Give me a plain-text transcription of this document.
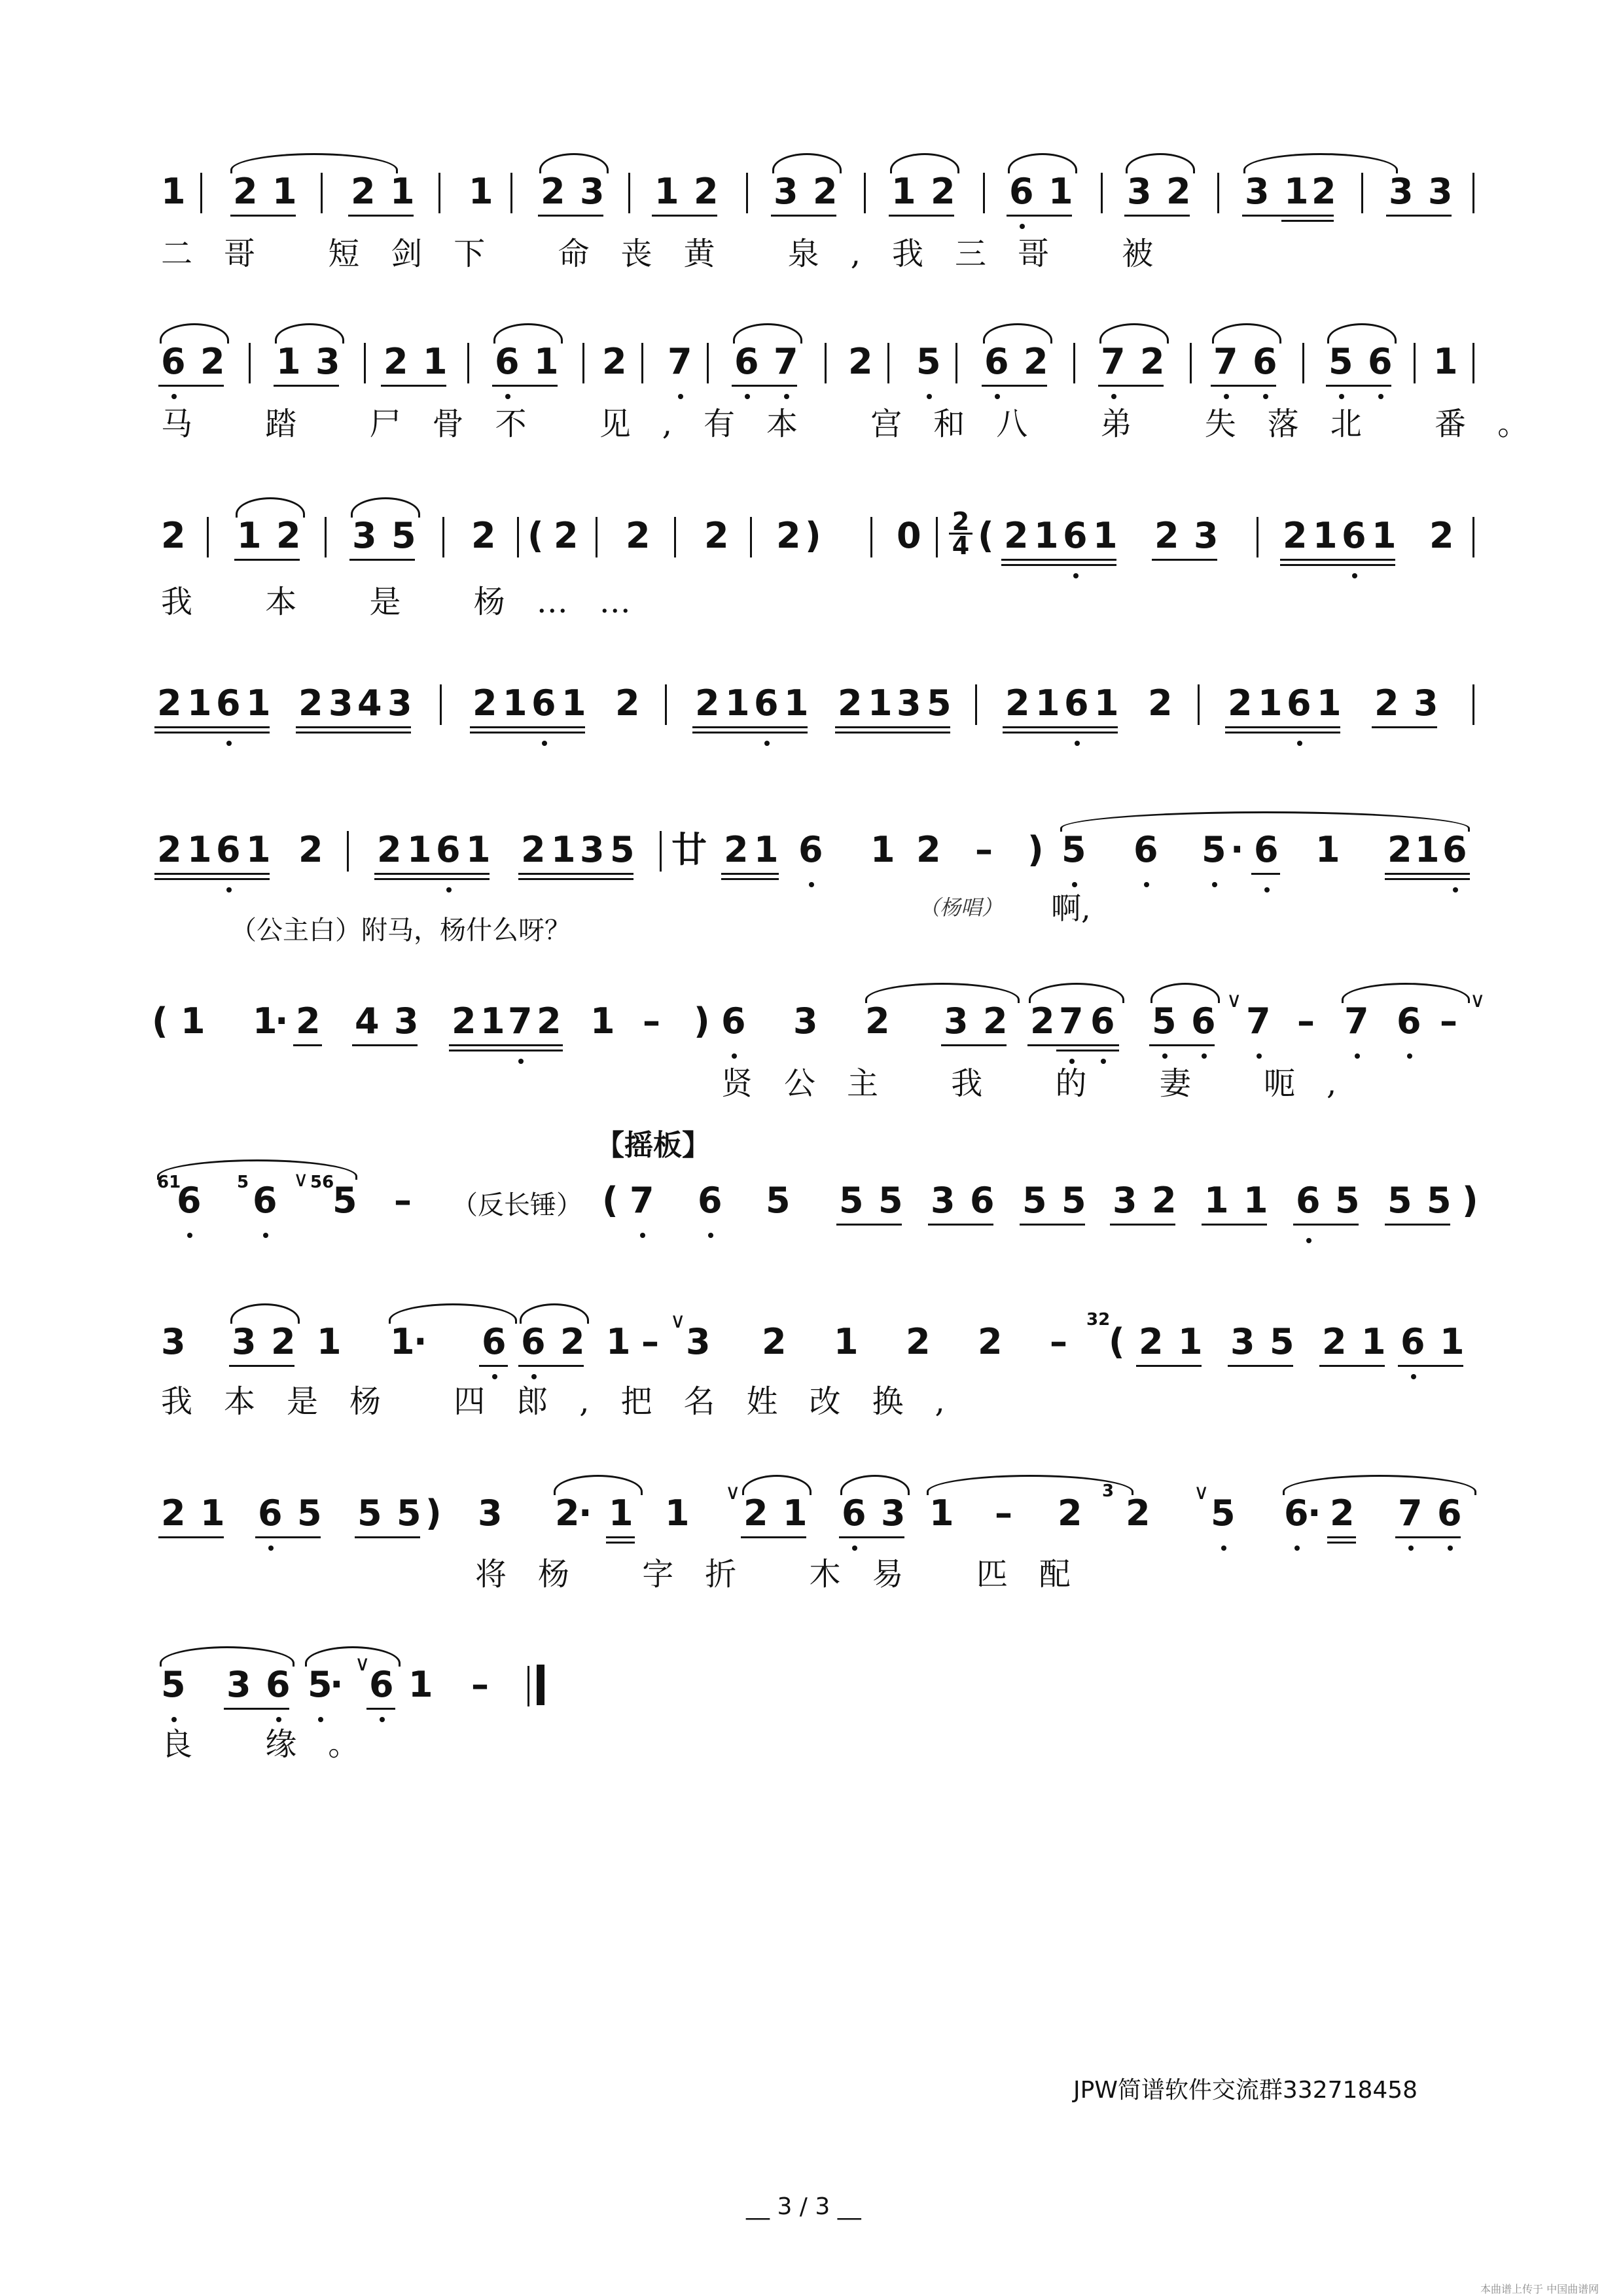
1 2 1 2 1 1 2 3 1 2 3 2 1 2 6 1 3 2 3 1 2 3 3
二哥 短剑下 命丧黄 泉,我三哥 被
6 2 1 3 2 1 6 1 2 7 6 7 2 5 6 2 7 2 7 6 5 6 1
马 踏 尸骨不 见,有本 宫和八 弟 失落北 番。
2 1 2 3 5 2 ( 2 2 2 2 ) 0 2
4 ( 2 1 6 1 2 3 2 1 6 1 2
我 本 是 杨……
2 1 6 1 2 3 4 3 2 1 6 1 2 2 1 6 1 2 1 3 5 2 1 6 1 2 2 1 6 1 2 3
2 1 6 1 2 2 1 6 1 2 1 3 5 廿 2 1 6 1 2 – ) 5 6 5 · 6 1 2 1 6
（公主白）附马，杨什么呀？
（杨唱） 啊,
( 1 1
· 2 4 3 2 1 7 2 1 – ) 6 3 2 3 2 2 7 6 5 6
∨
7 – 7 6 –
∨
贤公主 我 的 妻 呃,
【摇板】
61
6 5 6
∨ 56
5 – （反长锤） ( 7 6 5 5 5 3 6 5 5 3 2 1 1 6 5 5 5 )
3 3 2 1 1
· 6 6 2 1 –
∨
3 2 1 2 2 –
32
( 2 1 3 5 2 1 6 1
我本是杨 四郎,把名姓改换,
2 1 6 5 5 5 ) 3 2
· 1 1
∨
2 1 6 3 1 – 2
3
2
∨
5 6
· 2 7 6
将杨 字折 木易 匹配
5 3 6 5
·
∨
6 1 –
良 缘。
JPW简谱软件交流群332718458
__ 3 / 3 __
本曲谱上传于 中国曲谱网
